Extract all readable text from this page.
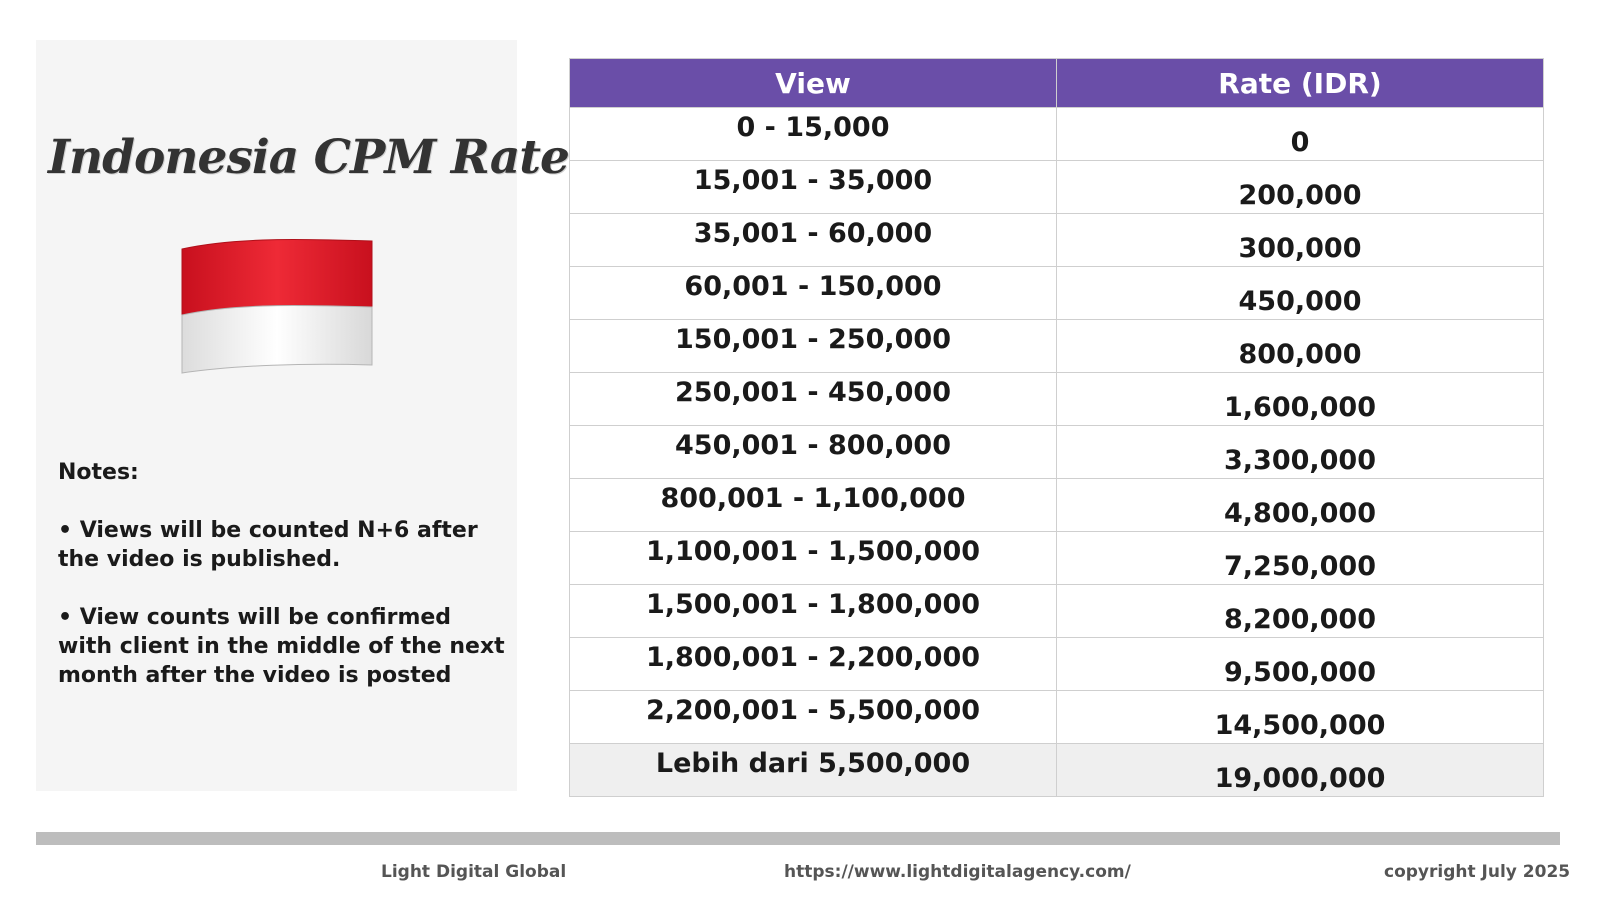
Indonesia CPM Rate

Notes:

• Views will be counted N+6 after the video is published.

• View counts will be confirmed with client in the middle of the next month after the video is posted

View	Rate (IDR)
0 - 15,000	0
15,001 - 35,000	200,000
35,001 - 60,000	300,000
60,001 - 150,000	450,000
150,001 - 250,000	800,000
250,001 - 450,000	1,600,000
450,001 - 800,000	3,300,000
800,001 - 1,100,000	4,800,000
1,100,001 - 1,500,000	7,250,000
1,500,001 - 1,800,000	8,200,000
1,800,001 - 2,200,000	9,500,000
2,200,001 - 5,500,000	14,500,000
Lebih dari 5,500,000	19,000,000
Light Digital Global	https://www.lightdigitalagency.com/	copyright July 2025
